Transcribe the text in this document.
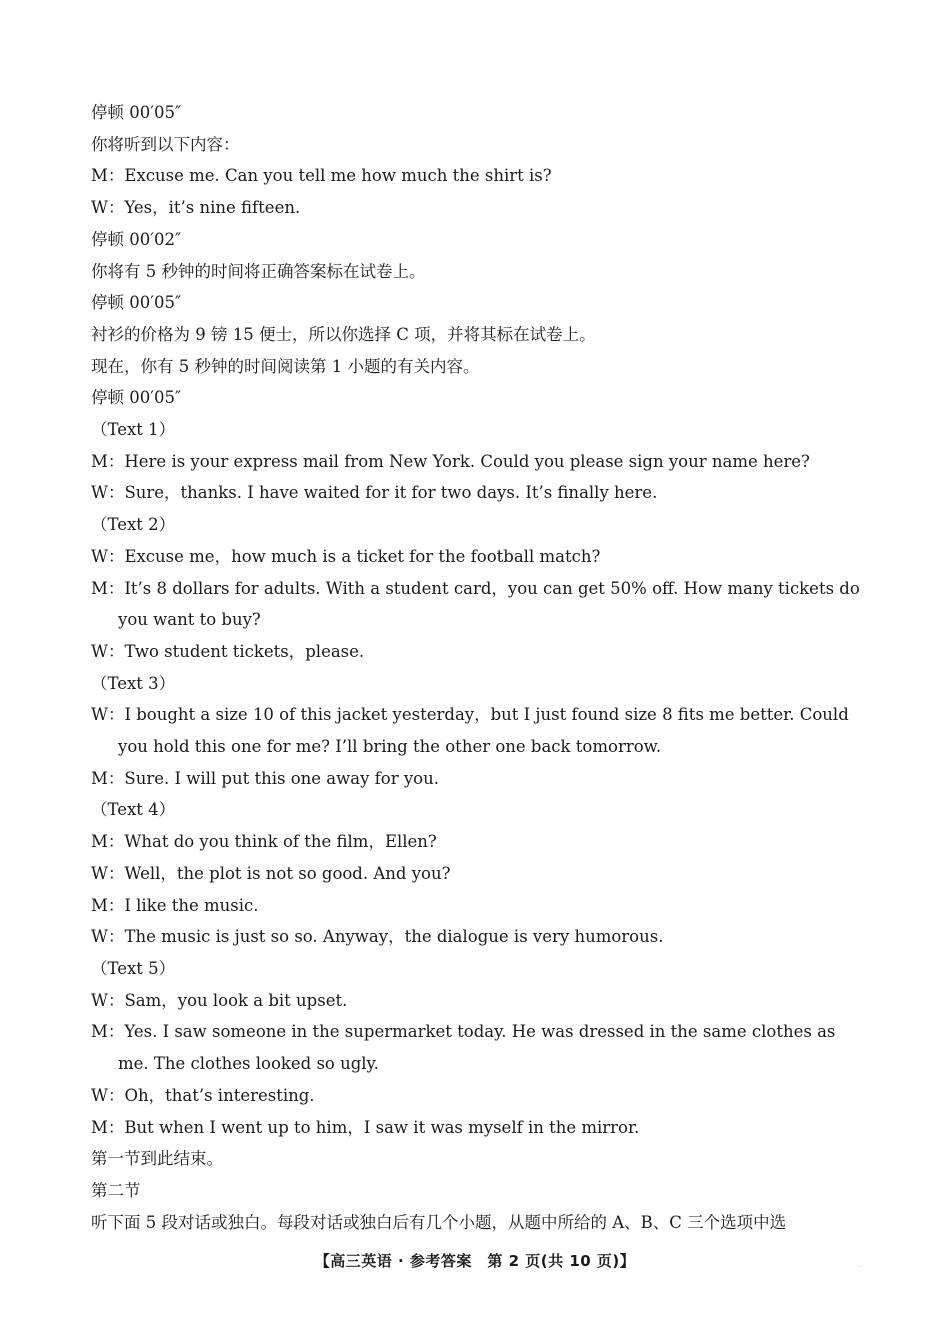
停顿 00′05″
你将听到以下内容：
M：Excuse me. Can you tell me how much the shirt is?
W：Yes，it’s nine fifteen.
停顿 00′02″
你将有 5 秒钟的时间将正确答案标在试卷上。
停顿 00′05″
衬衫的价格为 9 镑 15 便士，所以你选择 C 项，并将其标在试卷上。
现在，你有 5 秒钟的时间阅读第 1 小题的有关内容。
停顿 00′05″
（Text 1）
M：Here is your express mail from New York. Could you please sign your name here?
W：Sure，thanks. I have waited for it for two days. It’s finally here.
（Text 2）
W：Excuse me，how much is a ticket for the football match?
M：It’s 8 dollars for adults. With a student card，you can get 50% off. How many tickets do you want to buy?
W：Two student tickets，please.
（Text 3）
W：I bought a size 10 of this jacket yesterday，but I just found size 8 fits me better. Could you hold this one for me? I’ll bring the other one back tomorrow.
M：Sure. I will put this one away for you.
（Text 4）
M：What do you think of the film，Ellen?
W：Well，the plot is not so good. And you?
M：I like the music.
W：The music is just so so. Anyway，the dialogue is very humorous.
（Text 5）
W：Sam，you look a bit upset.
M：Yes. I saw someone in the supermarket today. He was dressed in the same clothes as me. The clothes looked so ugly.
W：Oh，that’s interesting.
M：But when I went up to him，I saw it was myself in the mirror.
第一节到此结束。
第二节
听下面 5 段对话或独白。每段对话或独白后有几个小题，从题中所给的 A、B、C 三个选项中选
【高三英语 · 参考答案　第 2 页(共 10 页)】	··
